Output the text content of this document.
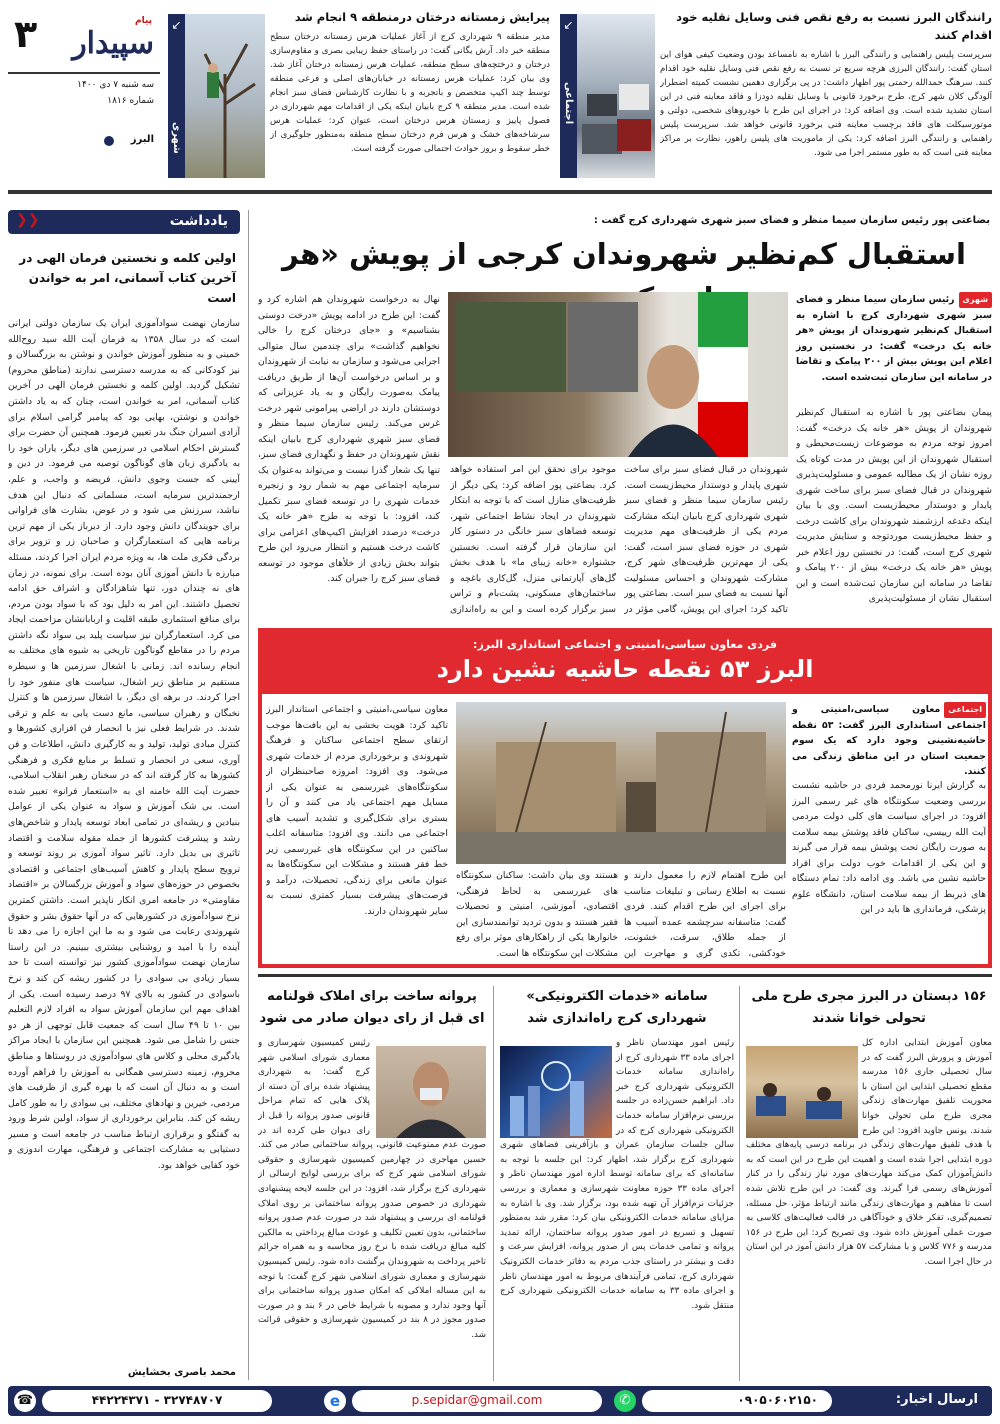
رانندگان البرز نسبت به رفع نقص فنی وسایل نقلیه خود اقدام کنند
سرپرست پلیس راهنمایی و رانندگی البرز با اشاره به نامساعد بودن وضعیت کیفی هوای این استان گفت: رانندگان البرزی هرچه سریع تر نسبت به رفع نقص فنی وسایل نقلیه خود اقدام کنند. سرهنگ حمدالله رحمتی پور اظهار داشت: در پی برگزاری دهمین نشست کمیته اضطرار آلودگی کلان شهر کرج، طرح برخورد قانونی با وسایل نقلیه دودزا و فاقد معاینه فنی در این استان تشدید شده است. وی اضافه کرد: در اجرای این طرح با خودروهای شخصی، دولتی و موتورسیکلت های فاقد برچسب معاینه فنی برخورد قانونی خواهد شد. سرپرست پلیس راهنمایی و رانندگی البرز اضافه کرد: یکی از ماموریت های پلیس راهور، نظارت بر مراکز معاینه فنی است که به طور مستمر اجرا می شود.
↙
اجتماعی
پیرایش زمستانه درختان درمنطقه ۹ انجام شد
مدیر منطقه ۹ شهرداری کرج از آغاز عملیات هرس زمستانه درختان سطح منطقه خبر داد. آرش یگانی گفت: در راستای حفظ زیبایی بصری و مقاوم‌سازی درختان و درختچه‌های سطح منطقه، عملیات هرس زمستانه درختان آغاز شد. وی بیان کرد: عملیات هرس زمستانه در خیابان‌های اصلی و فرعی منطقه توسط چند اکیپ متخصص و باتجربه و با نظارت کارشناس فضای سبز انجام شده است. مدیر منطقه ۹ کرج بابیان اینکه یکی از اقدامات مهم شهرداری در فصول پاییز و زمستان هرس درختان است، عنوان کرد: عملیات هرس سرشاخه‌های خشک و هرس فرم درختان سطح منطقه به‌منظور جلوگیری از خطر سقوط و بروز حوادث احتمالی صورت گرفته است.
↙
شهری
۳	پیام
سپیدار
سه شنبه ۷ دی ۱۴۰۰
شماره ۱۸۱۶
البرز
یادداشت
❮❮
اولین کلمه و نخستین فرمان الهی در آخرین کتاب آسمانی، امر به خواندن است
سازمان نهضت سوادآموزی ایران یک سازمان دولتی ایرانی است که در سال ۱۳۵۸ به فرمان آیت الله سید روح‌الله خمینی و به منظور آموزش خواندن و نوشتن به بزرگسالان و نیز کودکانی که به مدرسه دسترسی ندارند (مناطق محروم) تشکیل گردید. اولین کلمه و نخستین فرمان الهی در آخرین کتاب آسمانی، امر به خواندن است، چنان که به یاد داشتن خواندن و نوشتن، بهایی بود که پیامبر گرامی اسلام برای آزادی اسیران جنگ بدر تعیین فرمود. همچنین آن حضرت برای گسترش احکام اسلامی در سرزمین های دیگر، یاران خود را به یادگیری زبان های گوناگون توصیه می فرمود. در دین و آیینی که جست وجوی دانش، فریضه و واجب، و علم، ارجمندترین سرمایه است، مسلمانی که دنبال این هدف نباشد، سرزنش می شود و در عوض، بشارت های فراوانی برای جویندگان دانش وجود دارد. از دیرباز یکی از مهم ترین برنامه هایی که استعمارگران و صاحبان زر و تزویر برای بردگی فکری ملت ها، به ویژه مردم ایران اجرا کردند، مسئله مبارزه با دانش آموزی آنان بوده است. برای نمونه، در زمان های نه چندان دور، تنها شاهزادگان و اشراف حق ادامه تحصیل داشتند. این امر به دلیل بود که با سواد بودن مردم، برای منافع استثماری طبقه اقلیت و اربابانشان مزاحمت ایجاد می کرد. استعمارگران نیز سیاست پلید بی سواد نگه داشتن مردم را در مقاطع گوناگون تاریخی به شیوه های مختلف به انجام رسانده اند. زمانی با اشغال سرزمین ها و سیطره مستقیم بر مناطق زیر اشغال، سیاست های منفور خود را اجرا کردند. در برهه ای دیگر، با اشغال سرزمین ها و کنترل نخبگان و رهبران سیاسی، مانع دست یابی به علم و ترقی شدند. در شرایط فعلی نیز با انحصار فن افزاری کشورها و کنترل مبادی تولید، تولید و به کارگیری دانش، اطلاعات و فن آوری، سعی در انحصار و تسلط بر منابع فکری و فرهنگی کشورها به کار گرفته اند که در سخنان رهبر انقلاب اسلامی، حضرت آیت الله خامنه ای به «استعمار فرانو» تعبیر شده است. بی شک آموزش و سواد به عنوان یکی از عوامل بنیادین و ریشه‌ای در تمامی ابعاد توسعه پایدار و شاخص‌های رشد و پیشرفت کشورها از جمله مقوله سلامت و اقتصاد تاثیری بی بدیل دارد. تاثیر سواد آموزی بر روند توسعه و ترویج سطح پایدار و کاهش آسیب‌های اجتماعی و اقتصادی بخصوص در حوزه‌های سواد و آموزش بزرگسالان بر «اقتصاد مقاومتی» در جامعه امری انکار ناپذیر است. داشتن کمترین نرخ سوادآموزی در کشورهایی که در آنها حقوق بشر و حقوق شهروندی رعایت می شود و به ما این اجازه را می دهد تا آینده را با امید و روشنایی بیشتری ببینیم. در این راستا سازمان نهضت سوادآموزی کشور نیز توانسته است تا حد بسیار زیادی بی سوادی را در کشور ریشه کن کند و نرخ باسوادی در کشور به بالای ۹۷ درصد رسیده است. یکی از اهداف مهم این سازمان آموزش سواد به افراد لازم التعلیم بین ۱۰ تا ۴۹ سال است که جمعیت قابل توجهی از هر دو جنس را شامل می شود. همچنین این سازمان با ایجاد مراکز یادگیری محلی و کلاس های سوادآموزی در روستاها و مناطق محروم، زمینه دسترسی همگانی به آموزش را فراهم آورده است و به دنبال آن است که با بهره گیری از ظرفیت های مردمی، خیرین و نهادهای مختلف، بی سوادی را به طور کامل ریشه کن کند. بنابراین برخورداری از سواد، اولین شرط ورود به گفتگو و برقراری ارتباط مناسب در جامعه است و مسیر دستیابی به مشارکت اجتماعی و فرهنگی، مهارت اندوزی و خود کفایی خواهد بود.
محمد باصری بخشایش
بضاعتی پور رئیس سازمان سیما منظر و فضای سبز شهری شهرداری کرج گفت :
استقبال کم‌نظیر شهروندان کرجی از پویش «هر
شهریرئیس سازمان سیما منظر و فضای سبز شهری شهرداری کرج با اشاره به استقبال کم‌نظیر شهروندان از پویش «هر خانه یک درخت» گفت: در نخستین روز اعلام این پویش بیش از ۲۰۰ پیامک و تقاضا در سامانه این سازمان ثبت‌شده است.
پیمان بضاعتی پور با اشاره به استقبال کم‌نظیر شهروندان از پویش «هر خانه یک درخت» گفت: امروز توجه مردم به موضوعات زیست‌محیطی و استقبال شهروندان از این پویش در مدت کوتاه یک روزه نشان از یک مطالبه عمومی و مسئولیت‌پذیری شهروندان در قبال فضای سبز برای ساخت شهری پایدار و دوستدار محیط‌زیست است. وی با بیان اینکه دغدغه ارزشمند شهروندان برای کاشت درخت و حفظ محیط‌زیست موردتوجه و ستایش مدیریت شهری کرج است، گفت: در نخستین روز اعلام خبر پویش «هر خانه یک درخت» بیش از ۲۰۰ پیامک و تقاضا در سامانه این سازمان ثبت‌شده است و این استقبال نشان از مسئولیت‌پذیری
شهروندان در قبال فضای سبز برای ساخت شهری پایدار و دوستدار محیط‌زیست است. رئیس سازمان سیما منظر و فضای سبز شهری شهرداری کرج بابیان اینکه مشارکت مردم یکی از ظرفیت‌های مهم مدیریت شهری در حوزه فضای سبز است، گفت: یکی از مهم‌ترین ظرفیت‌های شهر کرج، مشارکت شهروندان و احساس مسئولیت آنها نسبت به فضای سبز است. بضاعتی پور تاکید کرد: اجرای این پویش، گامی مؤثر در
موجود برای تحقق این امر استفاده خواهد کرد. بضاعتی پور اضافه کرد: یکی دیگر از ظرفیت‌های منازل است که با توجه به ابتکار شهروندان در ایجاد نشاط اجتماعی شهر، توسعه فضاهای سبز خانگی در دستور کار این سازمان قرار گرفته است. نخستین جشنواره «خانه زیبای ما» با هدف بخش گل‌های آپارتمانی منزل، گل‌کاری باغچه و ساختمان‌های مسکونی، پشت‌بام و تراس سبز برگزار کرده است و این به راه‌اندازی
نهال به درخواست شهروندان هم اشاره کرد و گفت: این طرح در ادامه پویش «درخت دوستی بشناسیم» و «جای درختان کرج را خالی نخواهیم گذاشت» برای چندمین سال متوالی اجرایی می‌شود و سازمان به نیابت از شهروندان و بر اساس درخواست آن‌ها از طریق دریافت پیامک به‌صورت رایگان و به یاد عزیزانی که دوستشان دارند در اراضی پیرامونی شهر درخت غرس می‌کند. رئیس سازمان سیما منظر و فضای سبز شهری شهرداری کرج بابیان اینکه نقش شهروندان در حفظ و نگهداری فضای سبز، تنها یک شعار گذرا نیست و می‌تواند به‌عنوان یک سرمایه اجتماعی مهم به شمار رود و زنجیره خدمات شهری را در توسعه فضای سبز تکمیل کند، افزود: با توجه به طرح «هر خانه یک درخت» درصدد افزایش اکیپ‌های اعزامی برای کاشت درخت هستیم و انتظار می‌رود این طرح بتواند بخش زیادی از خلأهای موجود در توسعه فضای سبز کرج را جبران کند.
فردی معاون سیاسی،امنیتی و اجتماعی استانداری البرز:
البرز ۵۳ نقطه حاشیه نشین دارد
اجتماعیمعاون سیاسی،امنیتی و اجتماعی استانداری البرز گفت: ۵۳ نقطه حاشیه‌نشینی وجود دارد که یک سوم جمعیت استان در این مناطق زندگی می کنند.
به گزارش ایرنا نورمحمد فردی در حاشیه نشست بررسی وضعیت سکونتگاه های غیر رسمی البرز افزود: در اجرای سیاست های کلی دولت مردمی آیت الله رییسی، ساکنان فاقد پوشش بیمه سلامت به صورت رایگان تحت پوشش بیمه قرار می گیرند و این یکی از اقدامات خوب دولت برای افراد حاشیه نشین می باشد. وی ادامه داد: تمام دستگاه های ذیربط از بیمه سلامت استان، دانشگاه علوم پزشکی، فرمانداری ها باید در این
این طرح اهتمام لازم را معمول دارند و نسبت به اطلاع رسانی و تبلیغات مناسب برای اجرای این طرح اقدام کنند. فردی گفت: متاسفانه سرچشمه عمده آسیب ها از جمله طلاق، سرقت، خشونت، خودکشی، تکدی گری و مهاجرت این
هستند وی بیان داشت: ساکنان سکونتگاه های غیررسمی به لحاظ فرهنگی، اقتصادی، آموزشی، امنیتی و تحصیلات فقیر هستند و بدون تردید توانمندسازی این خانوارها یکی از راهکارهای موثر برای رفع مشکلات این سکونتگاه ها است.
معاون سیاسی،امنیتی و اجتماعی استاندار البرز تاکید کرد: هویت بخشی به این بافت‌ها موجب ارتقای سطح اجتماعی ساکنان و فرهنگ شهروندی و برخورداری مردم از خدمات شهری می‌شود. وی افزود: امروزه صاحبنظران از سکونتگاه‌های غیررسمی به عنوان یکی از مسایل مهم اجتماعی یاد می کنند و آن را بستری برای شکل‌گیری و تشدید آسیب های اجتماعی می دانند. وی افزود: متاسفانه اغلب ساکنین در این سکونتگاه های غیررسمی زیر خط فقر هستند و مشکلات این سکونتگاه‌ها به عنوان مانعی برای زندگی، تحصیلات، درآمد و فرصت‌های پیشرفت بسیار کمتری نسبت به سایر شهروندان دارند.
۱۵۶ دبستان در البرز مجری طرح ملی تحولی خوانا شدند
معاون آموزش ابتدایی اداره کل آموزش و پرورش البرز گفت که در سال تحصیلی جاری ۱۵۶ مدرسه مقطع تحصیلی ابتدایی این استان با محوریت تلفیق مهارت‌های زندگی مجری طرح ملی تحولی خوانا شدند. یونس جاوید افزود: این طرح با هدف تلفیق مهارت‌های زندگی در برنامه درسی پایه‌های مختلف دوره ابتدایی اجرا شده است و اهمیت این طرح در این است که به دانش‌آموزان کمک می‌کند مهارت‌های مورد نیاز زندگی را در کنار آموزش‌های رسمی فرا گیرند. وی گفت: در این طرح تلاش شده است تا مفاهیم و مهارت‌های زندگی مانند ارتباط مؤثر، حل مسئله، تصمیم‌گیری، تفکر خلاق و خودآگاهی در قالب فعالیت‌های کلاسی به صورت عملی آموزش داده شود. وی تصریح کرد: این طرح در ۱۵۶ مدرسه و ۷۷۶ کلاس و با مشارکت ۵۷ هزار دانش آموز در این استان در حال اجرا است.
سامانه «خدمات الکترونیکی» شهرداری کرج راه‌اندازی شد
رئیس امور مهندسان ناظر و اجرای ماده ۳۳ شهرداری کرج از راه‌اندازی سامانه خدمات الکترونیکی شهرداری کرج خبر داد. ابراهیم حسن‌زاده در جلسه بررسی نرم‌افزار سامانه خدمات الکترونیکی شهرداری کرج که در سالن جلسات سازمان عمران و بازآفرینی فضاهای شهری شهرداری کرج برگزار شد، اظهار کرد: این جلسه با توجه به سامانه‌ای که برای سامانه توسط اداره امور مهندسان ناظر و اجرای ماده ۳۳ حوزه معاونت شهرسازی و معماری و بررسی جزئیات نرم‌افزار آن تهیه شده بود، برگزار شد. وی با اشاره به مزایای سامانه خدمات الکترونیکی بیان کرد: مقرر شد به‌منظور تسهیل و تسریع در امور صدور پروانه ساختمان، ارائه تمدید پروانه و تمامی خدمات پس از صدور پروانه، افزایش سرعت و دقت و بیشتر در راستای جذب مردم به دفاتر خدمات الکترونیک شهرداری کرج، تمامی فرآیندهای مربوط به امور مهندسان ناظر و اجرای ماده ۳۳ به سامانه خدمات الکترونیکی شهرداری کرج منتقل شود.
پروانه ساخت برای املاک قولنامه ای قبل از رای دیوان صادر می شود
رئیس کمیسیون شهرسازی و معماری شورای اسلامی شهر کرج گفت: به شهرداری پیشنهاد شده برای آن دسته از پلاک هایی که تمام مراحل قانونی صدور پروانه را قبل از رای دیوان طی کرده اند در صورت عدم ممنوعیت قانونی، پروانه ساختمانی صادر می کند. حسین مهاجری در چهارمین کمیسیون شهرسازی و حقوقی شورای اسلامی شهر کرج که برای بررسی لوایح ارسالی از شهرداری کرج برگزار شد، افزود: در این جلسه لایحه پیشنهادی شهرداری در خصوص صدور پروانه ساختمانی بر روی املاک قولنامه ای بررسی و پیشنهاد شد در صورت عدم صدور پروانه ساختمانی، بدون تعیین تکلیف و عودت مبالغ پرداختی به مالکین کلیه مبالغ دریافت شده با نرخ روز محاسبه و به همراه جرائم تاخیر پرداخت به شهروندان برگشت داده شود. رئیس کمیسیون شهرسازی و معماری شورای اسلامی شهر کرج گفت: با توجه به این مساله املاکی که امکان صدور پروانه ساختمانی برای آنها وجود ندارد و مصوبه با شرایط خاص در ۶ بند و در صورت صدور مجوز در ۸ بند در کمیسیون شهرسازی و حقوقی قرائت شد.
ارسال اخبار:
۰۹۰۵۰۶۰۲۱۵۰
✆
p.sepidar@gmail.com
e
۳۲۷۴۸۷۰۷ - ۴۴۲۲۴۳۷۱
☎
